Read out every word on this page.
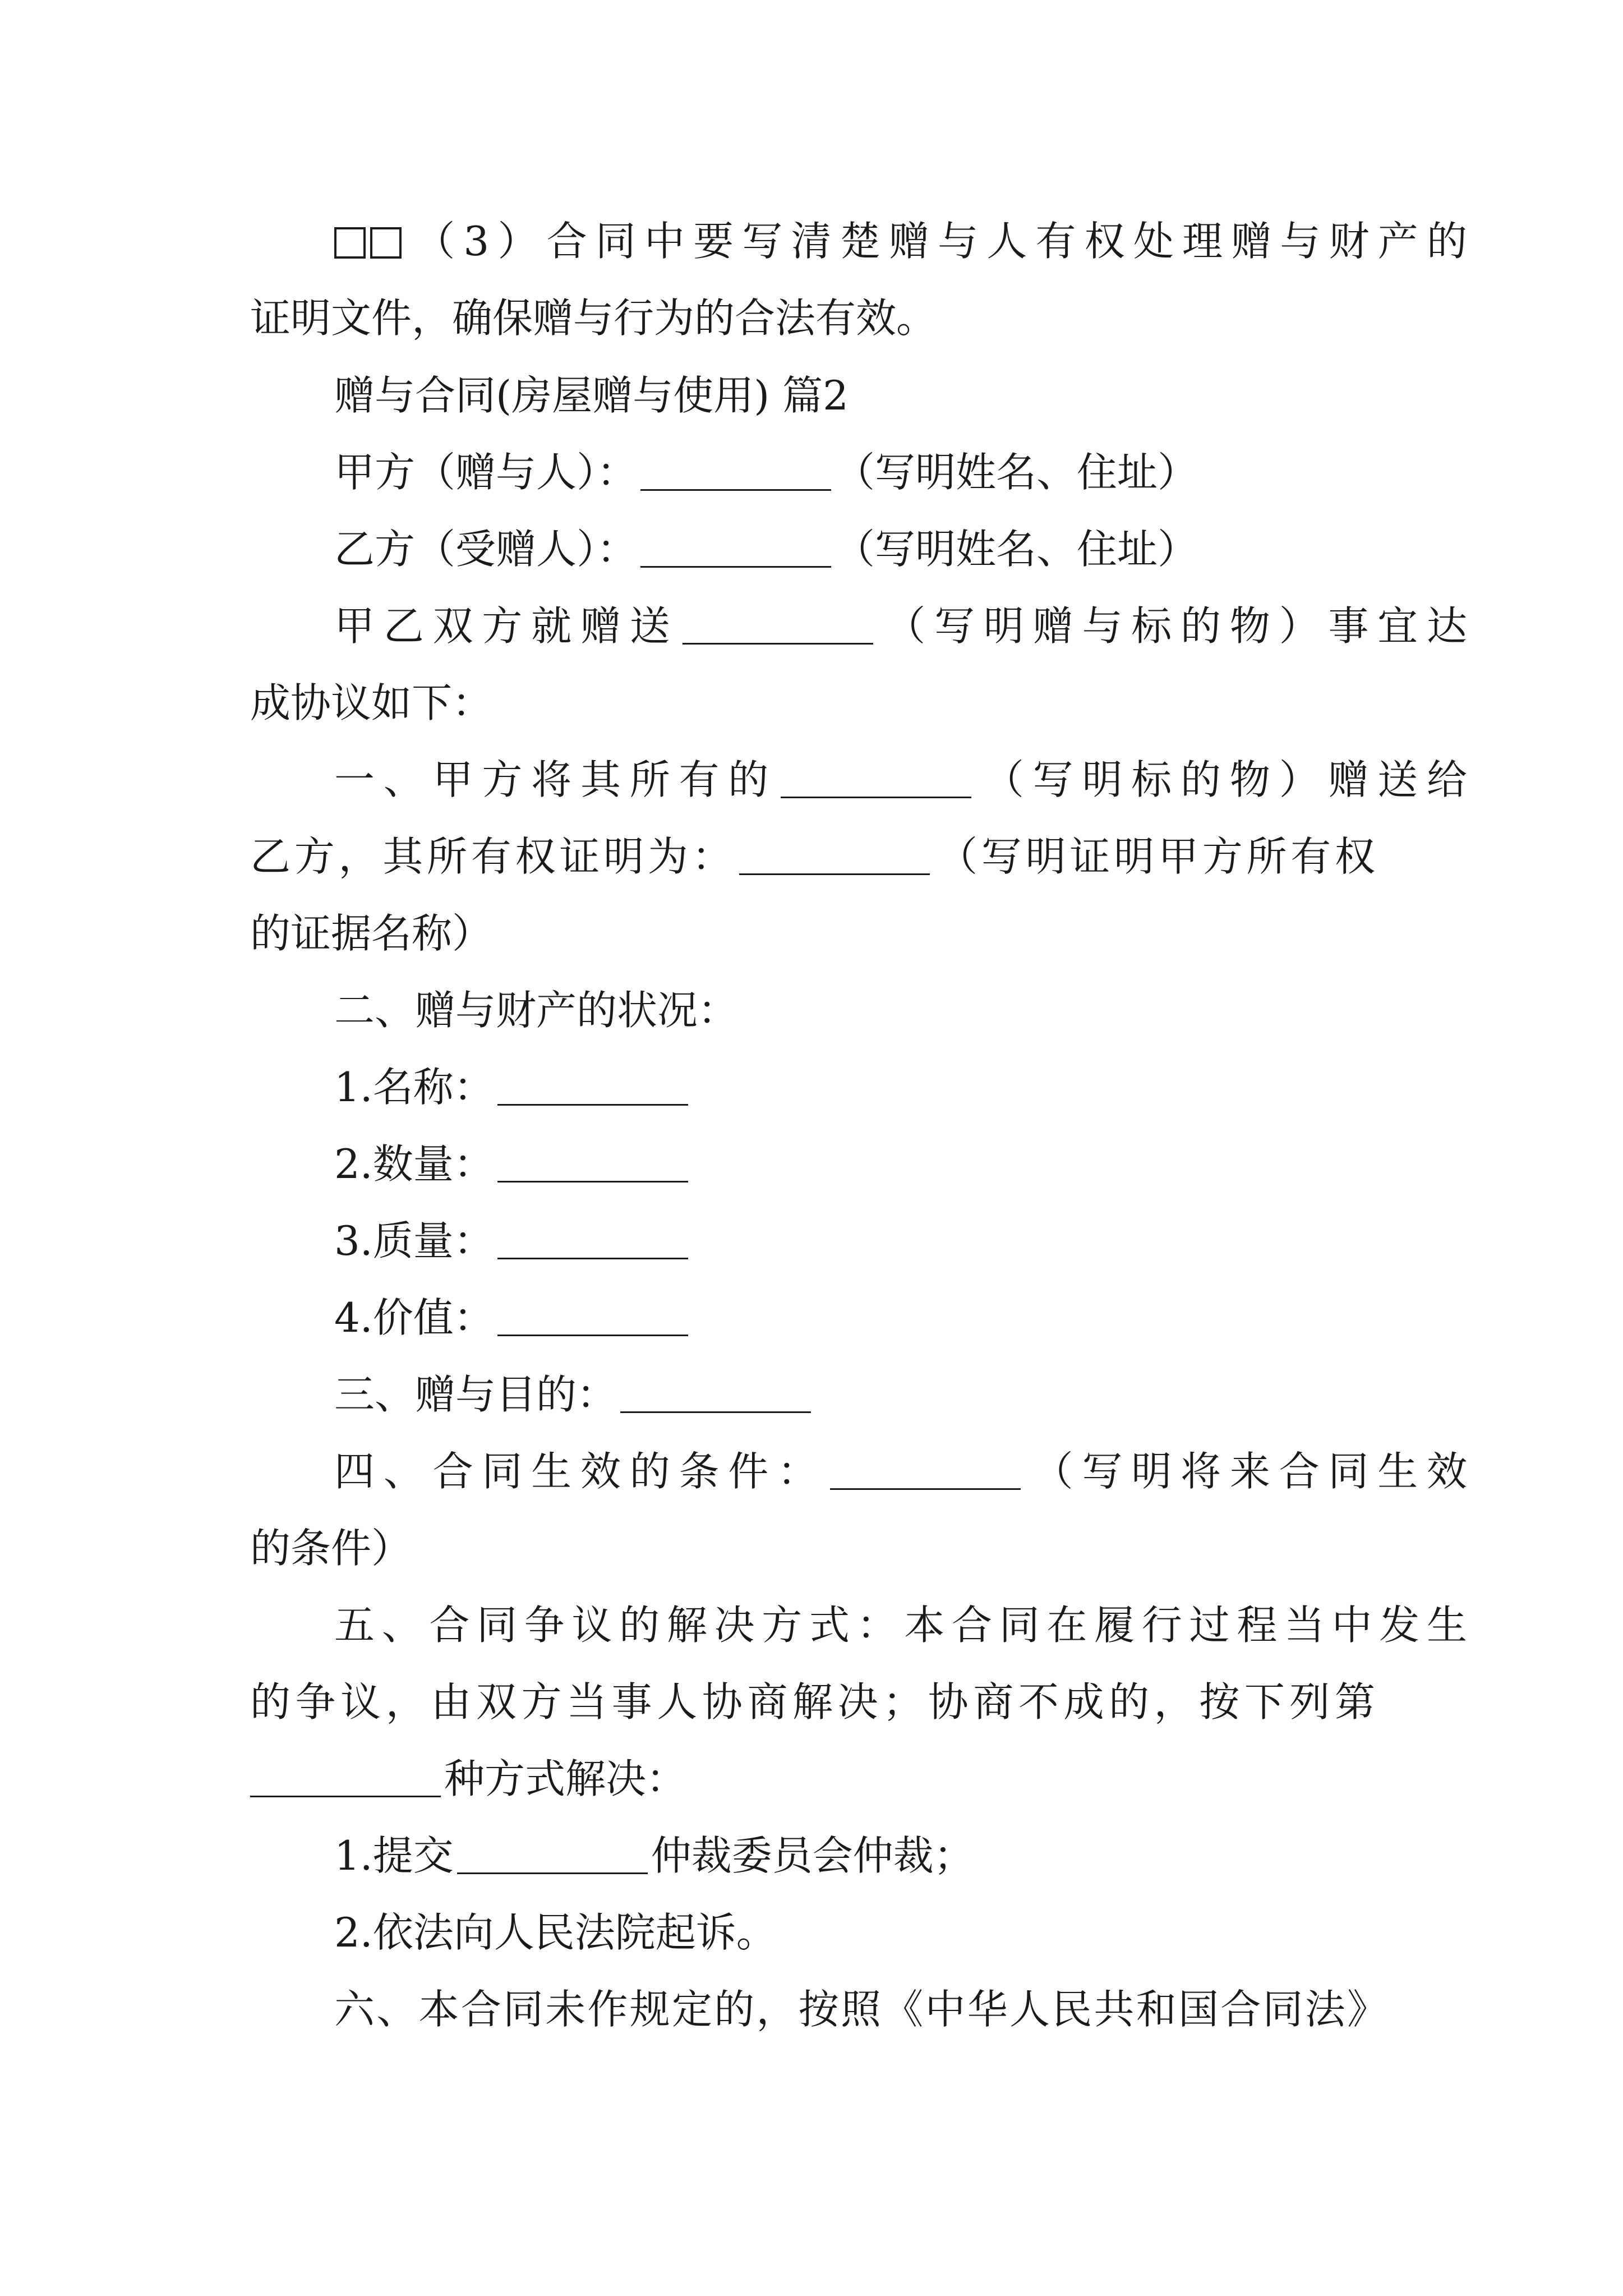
（3）合同中要写清楚赠与人有权处理赠与财产的
证明文件，确保赠与行为的合法有效。
赠与合同(房屋赠与使用) 篇2
甲方（赠与人）：	（写明姓名、住址）
乙方（受赠人）：	（写明姓名、住址）
甲乙双方就赠送	（写明赠与标的物）事宜达
成协议如下：
一、甲方将其所有的	（写明标的物）赠送给
乙方，其所有权证明为：	（写明证明甲方所有权
的证据名称）
二、赠与财产的状况：
1.名称：
2.数量：
3.质量：
4.价值：
三、赠与目的：
四、合同生效的条件：	（写明将来合同生效
的条件）
五、合同争议的解决方式：本合同在履行过程当中发生
的争议，由双方当事人协商解决；协商不成的，按下列第
种方式解决：
1.提交	仲裁委员会仲裁；
2.依法向人民法院起诉。
六、本合同未作规定的，按照《中华人民共和国合同法》
